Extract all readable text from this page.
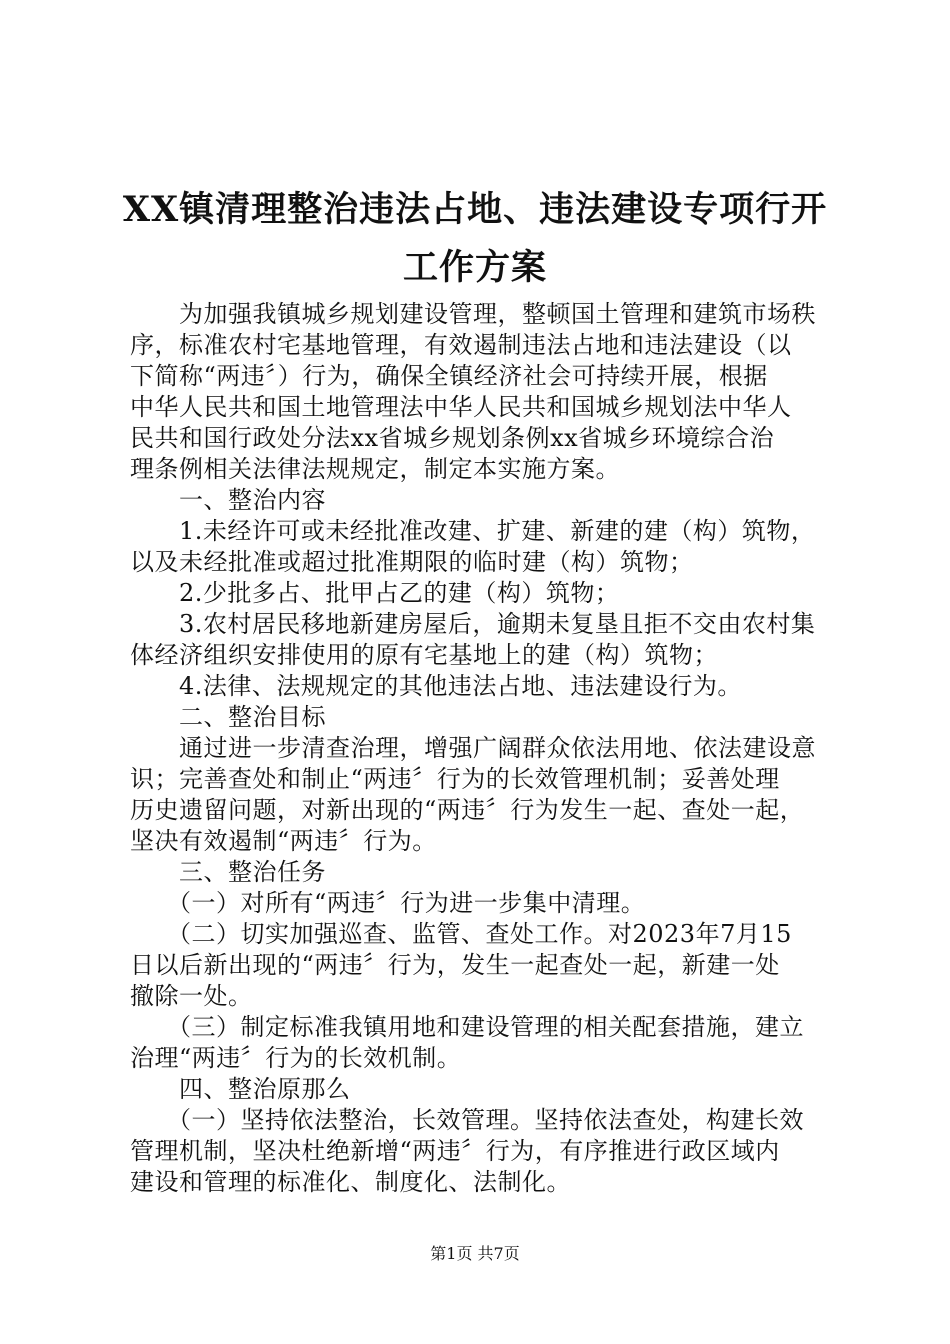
XX镇清理整治违法占地、违法建设专项行开
工作方案
　　为加强我镇城乡规划建设管理，整顿国土管理和建筑市场秩
序，标准农村宅基地管理，有效遏制违法占地和违法建设（以
下简称“两违〞）行为，确保全镇经济社会可持续开展，根据
中华人民共和国土地管理法中华人民共和国城乡规划法中华人
民共和国行政处分法xx省城乡规划条例xx省城乡环境综合治
理条例相关法律法规规定，制定本实施方案。
　　一、整治内容
　　1.未经许可或未经批准改建、扩建、新建的建（构）筑物，
以及未经批准或超过批准期限的临时建（构）筑物；
　　2.少批多占、批甲占乙的建（构）筑物；
　　3.农村居民移地新建房屋后，逾期未复垦且拒不交由农村集
体经济组织安排使用的原有宅基地上的建（构）筑物；
　　4.法律、法规规定的其他违法占地、违法建设行为。
　　二、整治目标
　　通过进一步清查治理，增强广阔群众依法用地、依法建设意
识；完善查处和制止“两违〞行为的长效管理机制；妥善处理
历史遗留问题，对新出现的“两违〞行为发生一起、查处一起，
坚决有效遏制“两违〞行为。
　　三、整治任务
　　（一）对所有“两违〞行为进一步集中清理。
　　（二）切实加强巡查、监管、查处工作。对2023年7月15
日以后新出现的“两违〞行为，发生一起查处一起，新建一处
撤除一处。
　　（三）制定标准我镇用地和建设管理的相关配套措施，建立
治理“两违〞行为的长效机制。
　　四、整治原那么
　　（一）坚持依法整治，长效管理。坚持依法查处，构建长效
管理机制，坚决杜绝新增“两违〞行为，有序推进行政区域内
建设和管理的标准化、制度化、法制化。
第1页 共7页
